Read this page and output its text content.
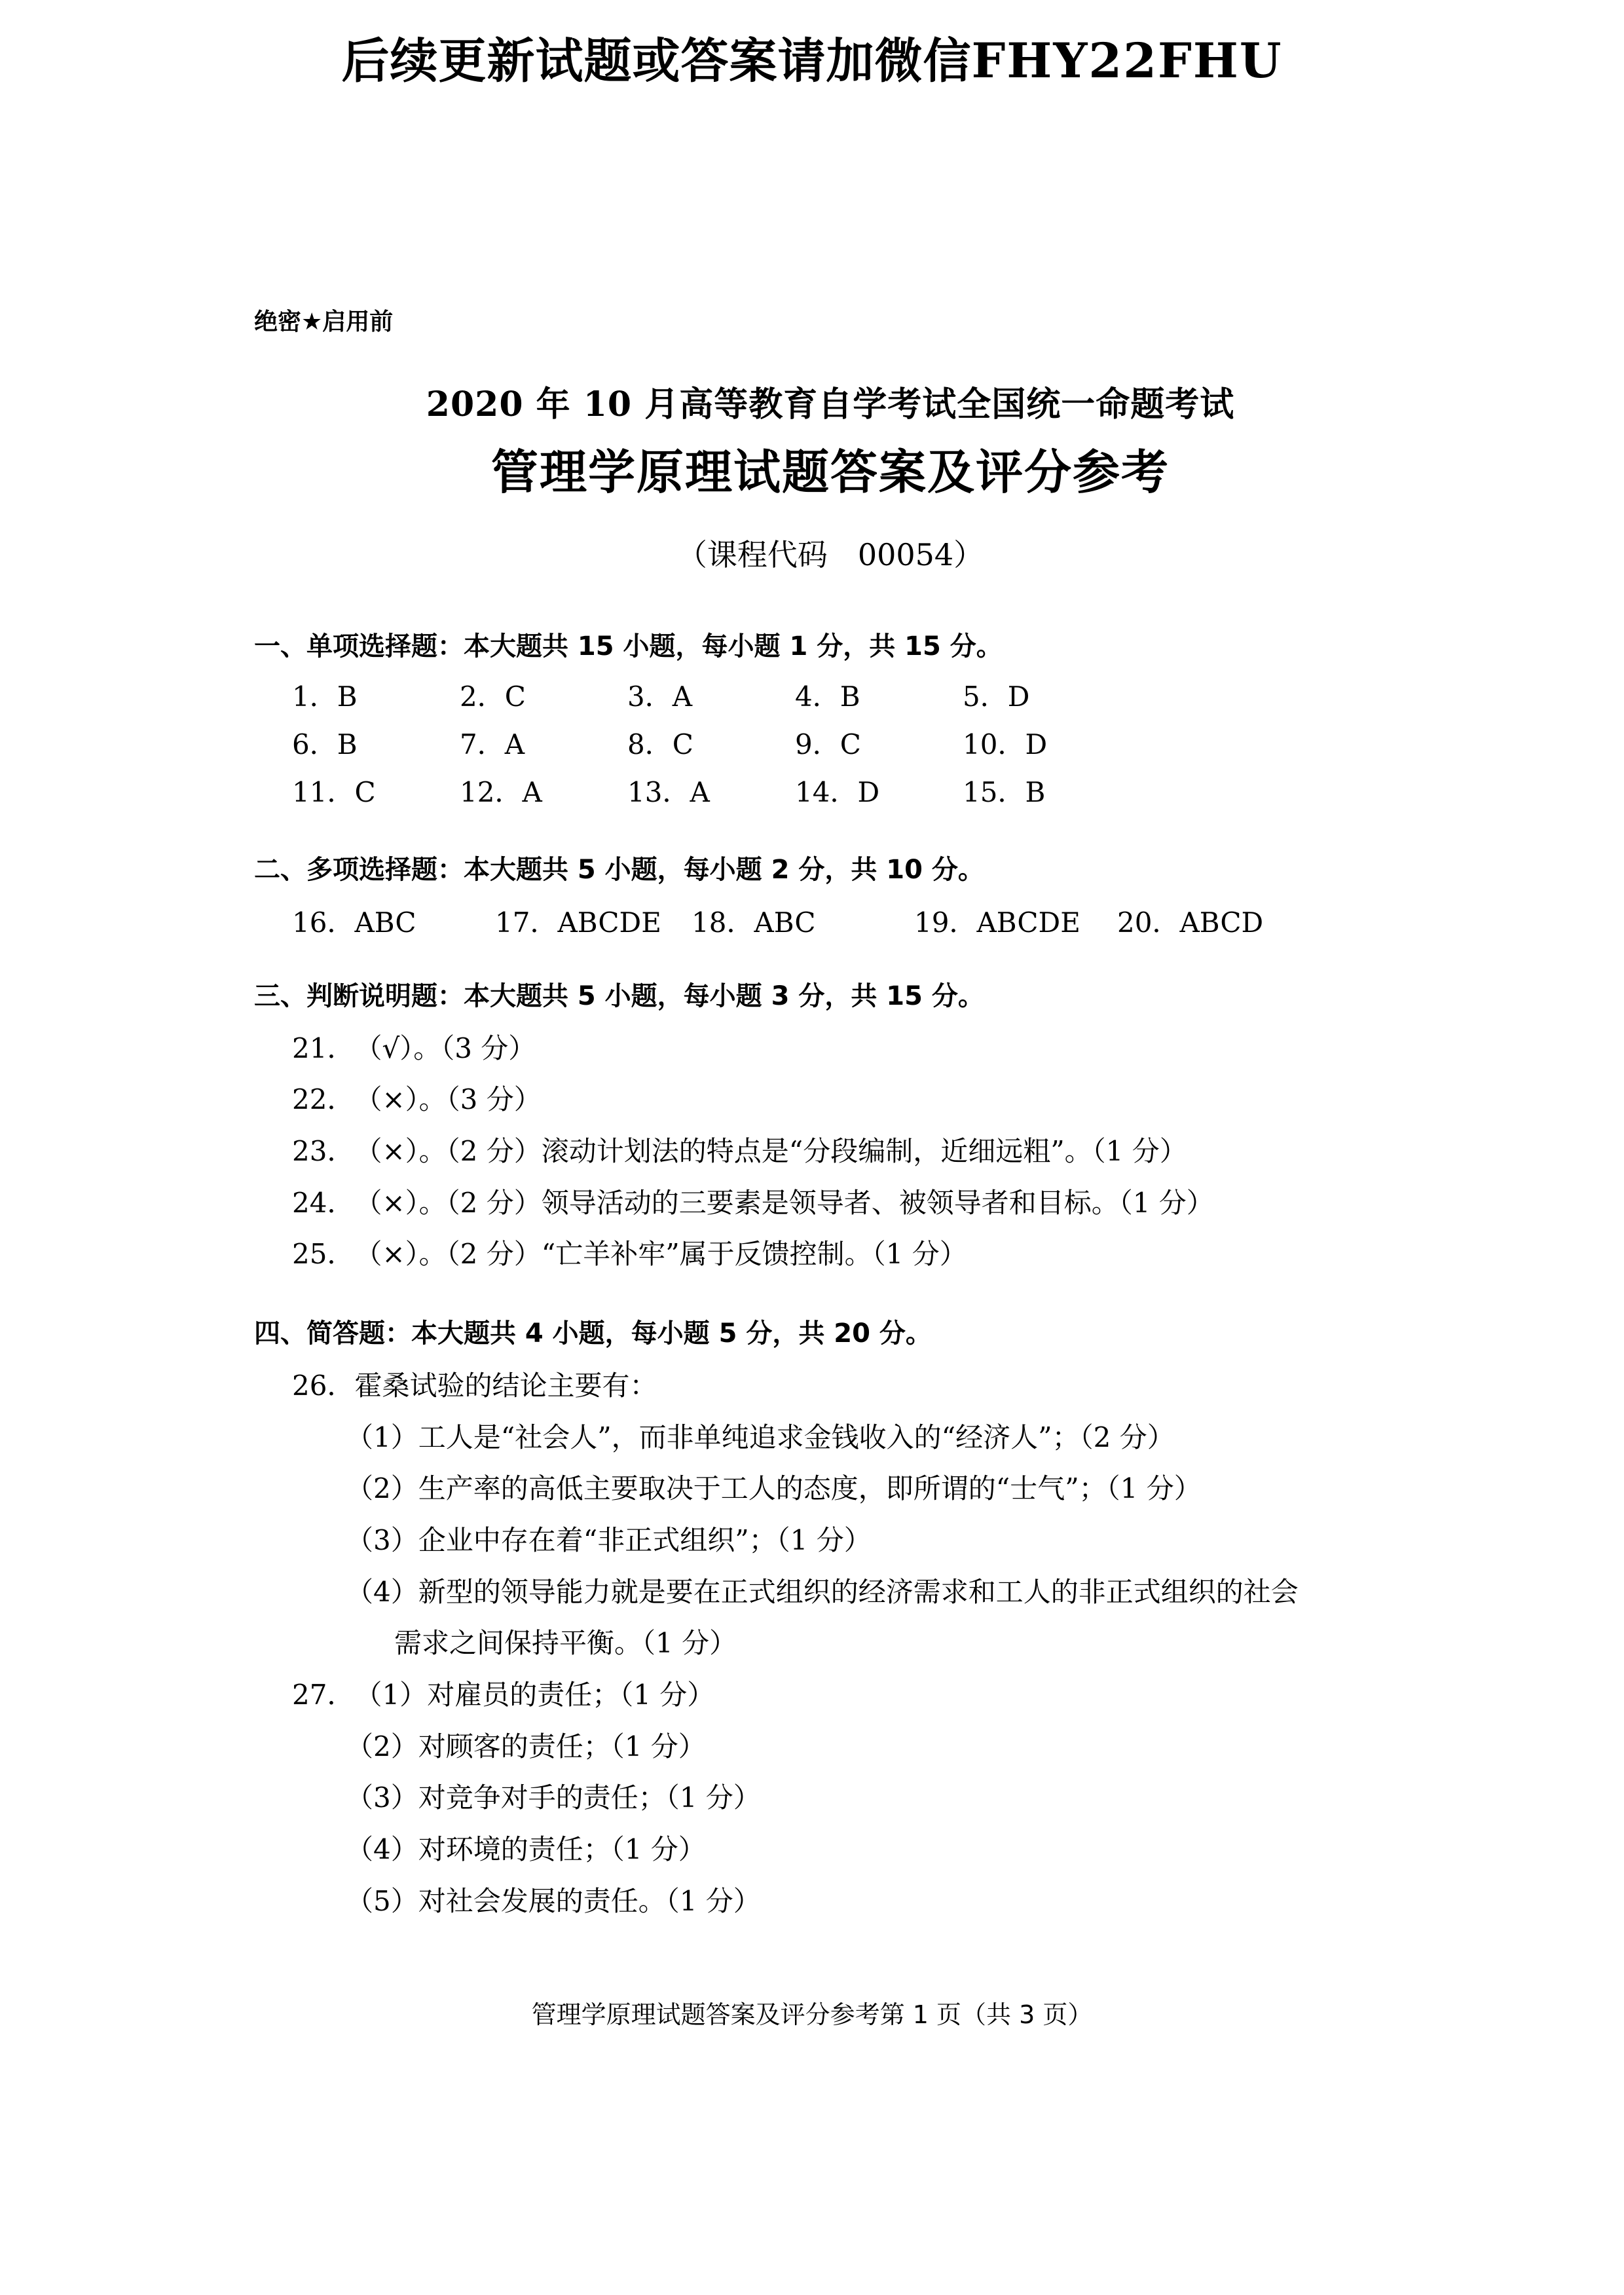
后续更新试题或答案请加微信FHY22FHU
绝密★启用前
2020 年 10 月高等教育自学考试全国统一命题考试
管理学原理试题答案及评分参考
（课程代码　00054）
一、单项选择题：本大题共 15 小题，每小题 1 分，共 15 分。
1．B	2．C	3．A	4．B	5．D
6．B	7．A	8．C	9．C	10．D
11．C	12．A	13．A	14．D	15．B
二、多项选择题：本大题共 5 小题，每小题 2 分，共 10 分。
16．ABC	17．ABCDE	18．ABC	19．ABCDE	20．ABCD
三、判断说明题：本大题共 5 小题，每小题 3 分，共 15 分。
21． （√）。（3 分）
22． （×）。（3 分）
23． （×）。（2 分）滚动计划法的特点是“分段编制，近细远粗”。（1 分）
24． （×）。（2 分）领导活动的三要素是领导者、被领导者和目标。（1 分）
25． （×）。（2 分）“亡羊补牢”属于反馈控制。（1 分）
四、简答题：本大题共 4 小题，每小题 5 分，共 20 分。
26． 霍桑试验的结论主要有：
（1） 工人是“社会人”，而非单纯追求金钱收入的“经济人”；（2 分）
（2） 生产率的高低主要取决于工人的态度，即所谓的“士气”；（1 分）
（3） 企业中存在着“非正式组织”；（1 分）
（4） 新型的领导能力就是要在正式组织的经济需求和工人的非正式组织的社会
需求之间保持平衡。（1 分）
27． （1） 对雇员的责任；（1 分）
（2） 对顾客的责任；（1 分）
（3） 对竞争对手的责任；（1 分）
（4） 对环境的责任；（1 分）
（5） 对社会发展的责任。（1 分）
管理学原理试题答案及评分参考第 1 页（共 3 页）
